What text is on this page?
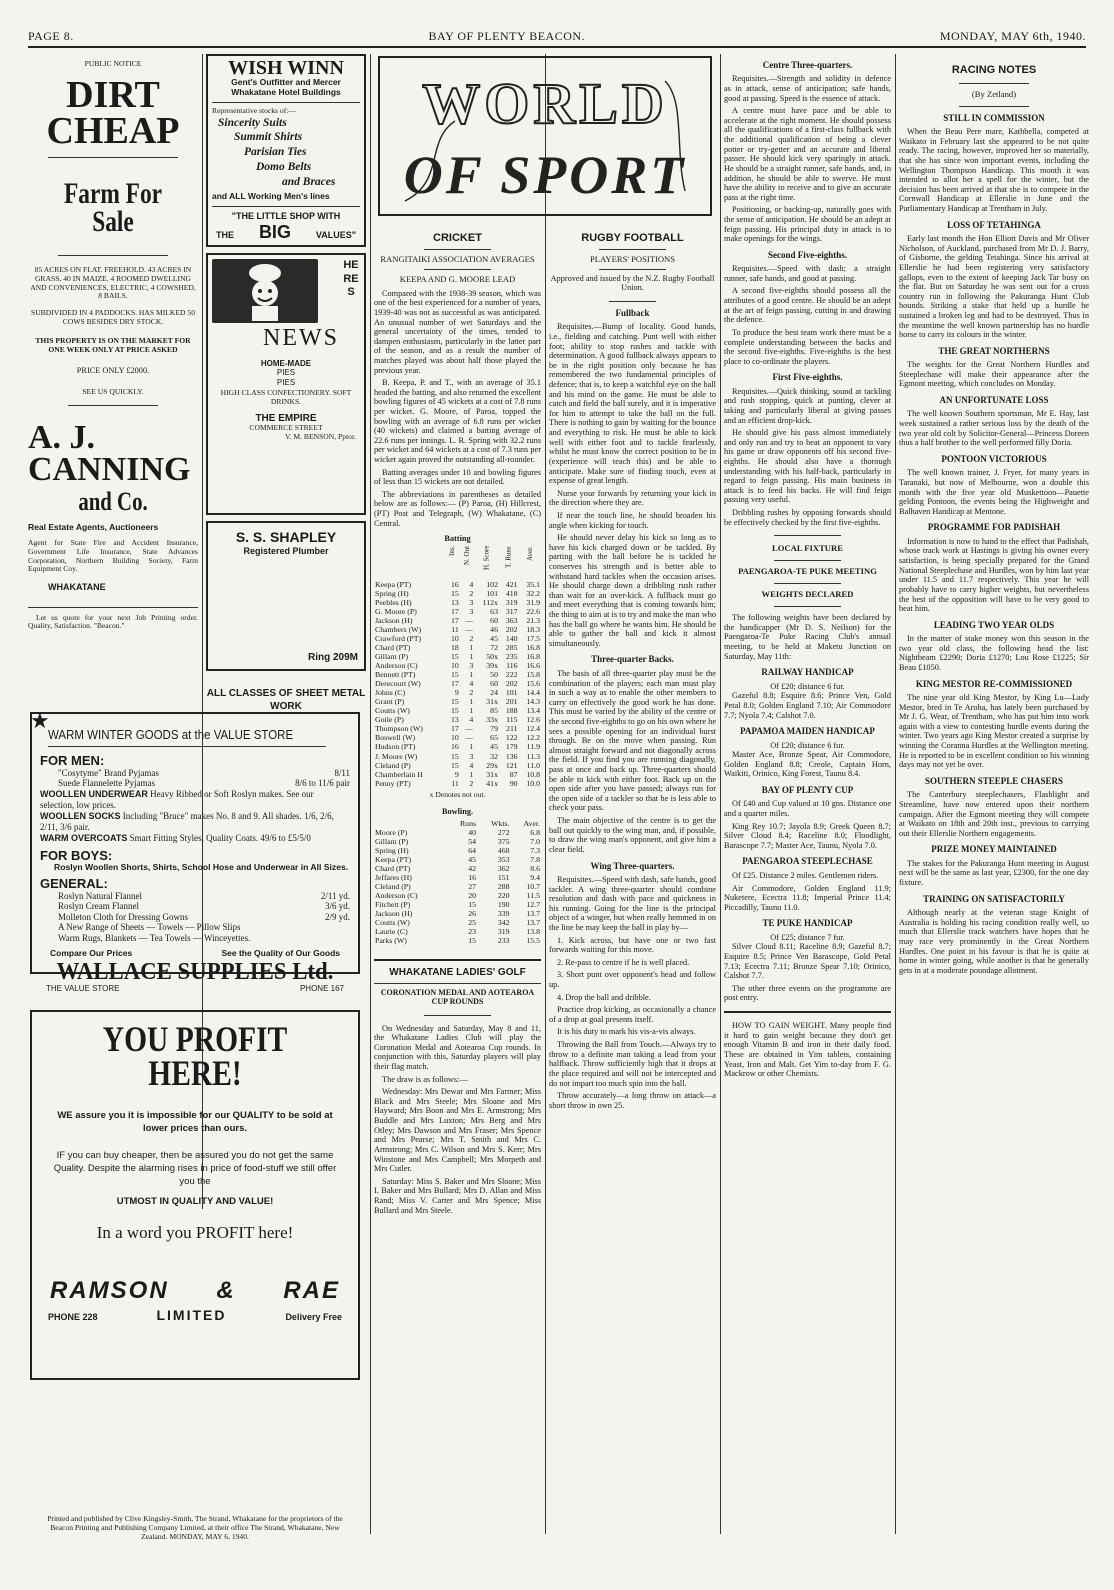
PAGE 8.	BAY OF PLENTY BEACON.	MONDAY, MAY 6th, 1940.
PUBLIC NOTICE
DIRT
CHEAP
Farm For Sale
85 ACRES ON FLAT. FREEHOLD. 43 ACRES IN GRASS, 40 IN MAIZE. 4 ROOMED DWELLING AND CONVENIENCES, ELECTRIC, 4 COWSHED, 8 BAILS.
SUBDIVIDED IN 4 PADDOCKS. HAS MILKED 50 COWS BESIDES DRY STOCK.
THIS PROPERTY IS ON THE MARKET FOR ONE WEEK ONLY AT PRICE ASKED
PRICE ONLY £2000.
SEE US QUICKLY.
A. J. CANNING
and Co.
Real Estate Agents, Auctioneers
Agent for State Fire and Accident Insurance, Government Life Insurance, State Advances Corporation, Northern Building Society, Farm Equipment Coy.
WHAKATANE

Let us quote for your next Job Printing order. Quality, Satisfaction. "Beacon."

WISH WINN
Gent's Outfitter and Mercer
Whakatane Hotel Buildings
Representative stocks of:—
Sincerity Suits
Summit Shirts
Parisian Ties
Domo Belts
and Braces
and ALL Working Men's lines
"THE LITTLE SHOP WITH
THE BIG	VALUES"
HERES
NEWS
HOME-MADE
PIES
PIES
HIGH CLASS CONFECTIONERY. SOFT DRINKS.
THE EMPIRE
COMMERCE STREET
V. M. BENSON, Pptor.
S. S. SHAPLEY
Registered Plumber
Ring 209M
ALL CLASSES OF SHEET METAL WORK
★
WARM WINTER GOODS at the VALUE STORE
FOR MEN:
"Cosytyme" Brand Pyjamas	8/11
Suede Flannelette Pyjamas	8/6 to 11/6 pair
WOOLLEN UNDERWEAR Heavy Ribbed or Soft Roslyn makes. See our selection, low prices.
WOOLLEN SOCKS Including "Bruce" makes No. 8 and 9. All shades. 1/6, 2/6, 2/11, 3/6 pair.
WARM OVERCOATS Smart Fitting Styles, Quality Coats. 49/6 to £5/5/0
FOR BOYS:
Roslyn Woollen Shorts, Shirts, School Hose and Underwear in All Sizes.
GENERAL:
Roslyn Natural Flannel	2/11 yd.
Roslyn Cream Flannel	3/6 yd.
Molleton Cloth for Dressing Gowns	2/9 yd.
A New Range of Sheets — Towels — Pillow Slips
Warm Rugs, Blankets — Tea Towels — Winceyettes.
Compare Our Prices	See the Quality of Our Goods
WALLACE SUPPLIES Ltd.
THE VALUE STORE	PHONE 167
YOU PROFIT HERE!
WE assure you it is impossible for our QUALITY to be sold at lower prices than ours.
IF you can buy cheaper, then be assured you do not get the same Quality. Despite the alarming rises in price of food-stuff we still offer you the
UTMOST IN QUALITY AND VALUE!
In a word you PROFIT here!
RAMSON & RAE
PHONE 228	LIMITED	Delivery Free
Printed and published by Clive Kingsley-Smith, The Strand, Whakatane for the proprietors of the Beacon Printing and Publishing Company Limited, at their office The Strand, Whakatane, New Zealand. MONDAY, MAY 6, 1940.
WORLD
OF SPORT
CRICKET
RANGITAIKI ASSOCIATION AVERAGES
KEEPA AND G. MOORE LEAD

Compared with the 1938-39 season, which was one of the best experienced for a number of years, 1939-40 was not as successful as was anticipated. An unusual number of wet Saturdays and the general uncertainty of the times, tended to dampen enthusiasm, particularly in the latter part of the season, and as a result the number of matches played was about half those played the previous year.

B. Keepa, P. and T., with an average of 35.1 headed the batting, and also returned the excellent bowling figures of 45 wickets at a cost of 7.8 runs per wicket. G. Moore, of Paroa, topped the bowling with an average of 6.8 runs per wicket (40 wickets) and claimed a batting average of 22.6 runs per innings. L. R. Spring with 32.2 runs per wicket and 64 wickets at a cost of 7.3 runs per wicket again proved the outstanding all-rounder.

Batting averages under 10 and bowling figures of less than 15 wickets are not detailed.

The abbreviations in parentheses as detailed below are as follows:— (P) Paroa, (H) Hillcrest, (PT) Post and Telegraph, (W) Whakatane, (C) Central.

Batting
	Ins.	N. Out	H. Score	T. Runs	Aver.
Keepa (PT)	16	4	102	421	35.1
Spring (H)	15	2	101	418	32.2
Peebles (H)	13	3	112x	319	31.9
G. Moore (P)	17	3	63	317	22.6
Jackson (H)	17	—	60	363	21.3
Chambers (W)	11	—	46	202	18.3
Crawford (PT)	10	2	45	140	17.5
Chard (PT)	18	1	72	285	16.8
Gillam (P)	15	1	50x	235	16.8
Anderson (C)	10	3	39x	116	16.6
Bennett (PT)	15	1	50	222	15.8
Derecourt (W)	17	4	60	202	15.6
Johns (C)	9	2	24	101	14.4
Grant (P)	15	1	31x	201	14.3
Coutts (W)	15	1	85	188	13.4
Goile (P)	13	4	33x	115	12.6
Thompson (W)	17	—	79	211	12.4
Boswell (W)	10	—	65	122	12.2
Hudson (PT)	16	1	45	179	11.9
J. Moore (W)	15	3	32	136	11.3
Cleland (P)	15	4	29x	121	11.0
Chamberlain H	9	1	31x	87	10.8
Penny (PT)	11	2	41x	90	10.0
x Denotes not out.
Bowling.
	Runs	Wkts.	Aver.
Moore (P)	40	272	6.8
Gillam (P)	54	375	7.0
Spring (H)	64	468	7.3
Keepa (PT)	45	353	7.8
Chard (PT)	42	362	8.6
Jeffares (H)	16	151	9.4
Cleland (P)	27	288	10.7
Anderson (C)	20	220	11.5
Fitchett (P)	15	190	12.7
Jackson (H)	26	339	13.7
Coutts (W)	25	342	13.7
Laurie (C)	23	319	13.8
Parks (W)	15	233	15.5
WHAKATANE LADIES' GOLF
CORONATION MEDAL AND AOTEAROA CUP ROUNDS

On Wednesday and Saturday, May 8 and 11, the Whakatane Ladies Club will play the Coronation Medal and Aotearoa Cup rounds. In conjunction with this, Saturday players will play their flag match.

The draw is as follows:—

Wednesday: Mrs Dewar and Mrs Farmer; Miss Black and Mrs Steele; Mrs Sloane and Mrs Hayward; Mrs Boon and Mrs E. Armstrong; Mrs Buddle and Mrs Luxton; Mrs Berg and Mrs Otley; Mrs Dawson and Mrs Fraser; Mrs Spence and Mrs Pearse; Mrs T. Smith and Mrs C. Armstrong; Mrs C. Wilson and Mrs S. Kerr; Mrs Winstone and Mrs Campbell; Mrs Morpeth and Mrs Cutler.

Saturday: Miss S. Baker and Mrs Sloane; Miss I. Baker and Mrs Bullard; Mrs D. Allan and Miss Rand; Miss V. Carter and Mrs Spence; Miss Bullard and Mrs Steele.

RUGBY FOOTBALL
PLAYERS' POSITIONS
Approved and issued by the N.Z. Rugby Football Union.
Fullback

Requisites.—Bump of locality. Good hands, i.e., fielding and catching. Punt well with either foot; ability to stop rushes and tackle with determination. A good fullback always appears to be in the right position only because he has remembered the two fundamental principles of defence; that is, to keep a watchful eye on the ball and his mind on the game. He must be able to catch and field the ball surely, and it is imperative for him to attempt to take the ball on the full. There is nothing to gain by waiting for the bounce and everything to risk. He must be able to kick well with either foot and to tackle fearlessly, whilst he must know the correct position to be in (experience will teach this) and be able to anticipate. Make sure of finding touch, even at expense of great length.

Nurse your forwards by returning your kick in the direction where they are.

If near the touch line, he should broaden his angle when kicking for touch.

He should never delay his kick so long as to have his kick charged down or be tackled. By parting with the ball before he is tackled he conserves his strength and is better able to withstand hard tackles when the occasion arises. He should charge down a dribbling rush rather than wait for an over-kick. A fullback must go and meet everything that is coming towards him; the thing to aim at is to try and make the man who has the ball go where he wants him. He should be able to gather the ball and kick it almost simultaneously.

Three-quarter Backs.

The basis of all three-quarter play must be the combination of the players; each man must play in such a way as to enable the other members to carry on effectively the good work he has done. This must be varied by the ability of the centre or the second five-eighths to go on his own where he sees a possible opening for an individual burst through. Be on the move when passing. Run almost straight forward and not diagonally across the field. If you find you are running diagonally, pass at once and back up. Three-quarters should be able to kick with either foot. Back up on the open side after you have passed; always run for the open side of a tackler so that he is less able to check your pass.

The main objective of the centre is to get the ball out quickly to the wing man, and, if possible, to draw the wing man's opponent, and give him a clear field.

Wing Three-quarters.

Requisites.—Speed with dash, safe hands, good tackler. A wing three-quarter should combine resolution and dash with pace and quickness in his running. Going for the line is the principal object of a winger, but when really hemmed in on the line he may keep the ball in play by—

1. Kick across, but have one or two fast forwards waiting for this move.

2. Re-pass to centre if he is well placed.

3. Short punt over opponent's head and follow up.

4. Drop the ball and dribble.

Practice drop kicking, as occasionally a chance of a drop at goal presents itself.

It is his duty to mark his vis-a-vis always.

Throwing the Ball from Touch.—Always try to throw to a definite man taking a lead from your halfback. Throw sufficiently high that it drops at the place required and will not be intercepted and do not impart too much spin into the ball.

Throw accurately—a long throw on attack—a short throw in own 25.

Centre Three-quarters.

Requisites.—Strength and solidity in defence as in attack, sense of anticipation; safe hands, good at passing. Speed is the essence of attack.

A centre must have pace and be able to accelerate at the right moment. He should possess all the qualifications of a first-class fullback with the additional qualification of being a clever potter or try-getter and an accurate and liberal passer. He should kick very sparingly in attack. He should be a straight runner, safe hands, and, in addition, he should be able to swerve. He must have the ability to receive and to give an accurate pass at the right time.

Positioning, or backing-up, naturally goes with the sense of anticipation. He should be an adept at feign passing. His principal duty in attack is to make openings for the wings.

Second Five-eighths.

Requisites.—Speed with dash; a straight runner, safe hands, and good at passing.

A second five-eighths should possess all the attributes of a good centre. He should be an adept at the art of feign passing, cutting in and drawing the defence.

To produce the best team work there must be a complete understanding between the backs and the second five-eighths. Five-eighths is the best place to co-ordinate the players.

First Five-eighths.

Requisites.—Quick thinking, sound at tackling and rush stopping, quick at punting, clever at taking and particularly liberal at giving passes and an efficient drop-kick.

He should give his pass almost immediately and only run and try to beat an opponent to vary his game or draw opponents off his second five-eighths. He should also have a thorough understanding with his half-back, particularly in regard to feign passing. His main business in attack is to feed his backs. He will find feign passing very useful.

Dribbling rushes by opposing forwards should be effectively checked by the first five-eighths.

LOCAL FIXTURE
PAENGAROA-TE PUKE MEETING
WEIGHTS DECLARED

The following weights have been declared by the handicapper (Mr D. S. Neilson) for the Paengaroa-Te Puke Racing Club's annual meeting, to be held at Maketu Junction on Saturday, May 11th:

RAILWAY HANDICAP
Of £20; distance 6 fur.

Gazeful 8.8; Esquire 8.6; Prince Ven, Gold Petal 8.0; Golden England 7.10; Air Commodore 7.7; Nyola 7.4; Calshot 7.0.

PAPAMOA MAIDEN HANDICAP
Of £20; distance 6 fur.

Master Ace, Bronze Spear, Air Commodore, Golden England 8.8; Creole, Captain Horn, Waikiti, Orinico, King Forest, Taunu 8.4.

BAY OF PLENTY CUP

Of £40 and Cup valued at 10 gns. Distance one and a quarter miles.

King Rey 10.7; Jayola 8.9; Greek Queen 8.7; Silver Cloud 8.4; Raceline 8.0; Floodlight, Barascope 7.7; Master Ace, Taunu, Nyola 7.0.

PAENGAROA STEEPLECHASE

Of £25. Distance 2 miles. Gentlemen riders.

Air Commodore, Golden England 11.9; Nuketere, Ecectra 11.8; Imperial Prince 11.4; Piccadilly, Taunu 11.0.

TE PUKE HANDICAP
Of £25; distance 7 fur.

Silver Cloud 8.11; Raceline 8.9; Gazeful 8.7; Esquire 8.5; Prince Ven Barascope, Gold Petal 7.13; Ecectra 7.11; Bronze Spear 7.10; Orinico, Calshot 7.7.

The other three events on the programme are post entry.

HOW TO GAIN WEIGHT. Many people find it hard to gain weight because they don't get enough Vitamin B and iron in their daily food. These are obtained in Yim tablets, containing Yeast, Iron and Malt. Get Yim to-day from F. G. Mackrow or other Chemists.

RACING NOTES
(By Zetland)
STILL IN COMMISSION

When the Beau Pere mare, Kathbella, competed at Waikato in February last she appeared to be not quite ready. The racing, however, improved her so materially, that she has since won important events, including the Wellington Thompson Handicap. This month it was intended to allot her a spell for the winter, but the decision has been arrived at that she is to compete in the Cornwall Handicap at Ellerslie in June and the Parliamentary Handicap at Trentham in July.

LOSS OF TETAHINGA

Early last month the Hon Elliott Davis and Mr Oliver Nicholson, of Auckland, purchased from Mr D. J. Barry, of Gisborne, the gelding Tetahinga. Since his arrival at Ellerslie he had been registering very satisfactory gallops, even to the extent of keeping Jack Tar busy on the flat. But on Saturday he was sent out for a cross country run in following the Pakuranga Hunt Club hounds. Striking a stake that held up a hurdle he sustained a broken leg and had to be destroyed. Thus in the meantime the well known partnership has no hurdle horse to carry its colours in the winter.

THE GREAT NORTHERNS

The weights for the Great Northern Hurdles and Steeplechase will make their appearance after the Egmont meeting, which concludes on Monday.

AN UNFORTUNATE LOSS

The well known Southern sportsman, Mr E. Hay, last week sustained a rather serious loss by the death of the two year old colt by Solicitor-General—Princess Doreen thus a half brother to the well performed filly Doria.

PONTOON VICTORIOUS

The well known trainer, J. Fryer, for many years in Taranaki, but now of Melbourne, won a double this month with the five year old Muskettoon—Pauette gelding Pontoon, the events being the Highweight and Balhaven Handicap at Mentone.

PROGRAMME FOR PADISHAH

Information is now to hand to the effect that Padishah, whose track work at Hastings is giving his owner every satisfaction, is being specially prepared for the Grand National Steeplechase and Hurdles, won by him last year under 11.5 and 11.7 respectively. This year he will probably have to carry higher weights, but nevertheless the best of the opposition will have to be very good to beat him.

LEADING TWO YEAR OLDS

In the matter of stake money won this season in the two year old class, the following head the list: Nightbeam £2290; Doria £1270; Lou Rose £1225; Sir Beau £1050.

KING MESTOR RE-COMMISSIONED

The nine year old King Mestor, by King Lu—Lady Mestor, bred in Te Aroha, has lately been purchased by Mr J. G. Wear, of Trentham, who has put him into work again with a view to contesting hurdle events during the winter. Two years ago King Mestor created a surprise by winning the Coranna Hurdles at the Wellington meeting. He is reported to be in excellent condition so his winning days may not yet be over.

SOUTHERN STEEPLE CHASERS

The Canterbury steeplechasers, Flashlight and Streamline, have now entered upon their northern campaign. After the Egmont meeting they will compete at Waikato on 18th and 20th inst., previous to carrying out their Ellerslie Northern engagements.

PRIZE MONEY MAINTAINED

The stakes for the Pakuranga Hunt meeting in August next will be the same as last year, £2300, for the one day fixture.

TRAINING ON SATISFACTORILY

Although nearly at the veteran stage Knight of Australia is holding his racing condition really well, so much that Ellerslie track watchers have hopes that he may race very prominently in the Great Northern Hurdles. One point in his favour is that he is quite at home in winter going, while another is that he generally gets in at a moderate poundage allotment.
